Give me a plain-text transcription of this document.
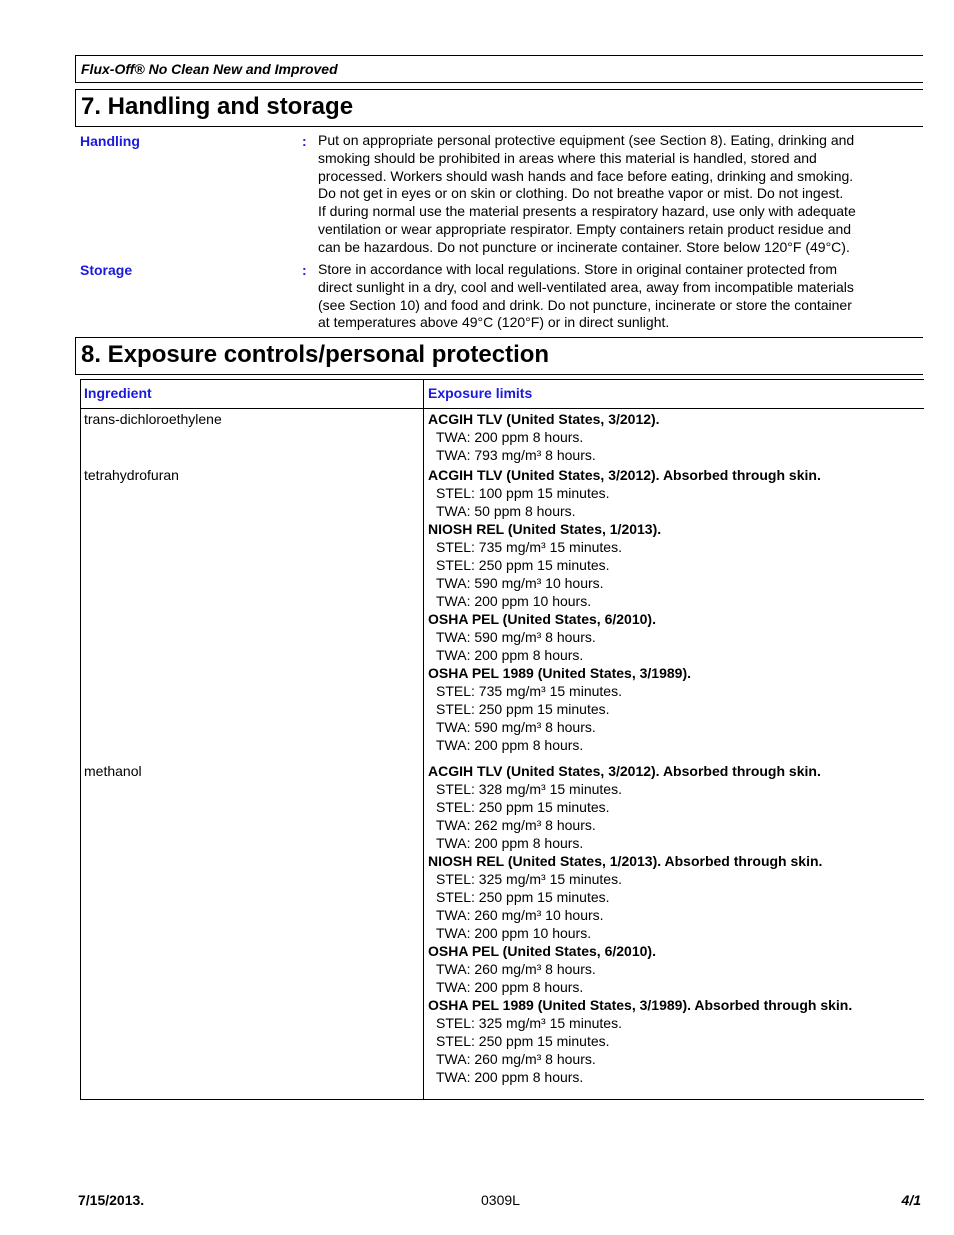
Flux-Off® No Clean New and Improved
7. Handling and storage
Handling	: Put on appropriate personal protective equipment (see Section 8). Eating, drinking and
smoking should be prohibited in areas where this material is handled, stored and
processed. Workers should wash hands and face before eating, drinking and smoking.
Do not get in eyes or on skin or clothing. Do not breathe vapor or mist. Do not ingest.
If during normal use the material presents a respiratory hazard, use only with adequate
ventilation or wear appropriate respirator. Empty containers retain product residue and
can be hazardous. Do not puncture or incinerate container. Store below 120°F (49°C).
Storage	: Store in accordance with local regulations. Store in original container protected from
direct sunlight in a dry, cool and well-ventilated area, away from incompatible materials
(see Section 10) and food and drink. Do not puncture, incinerate or store the container
at temperatures above 49°C (120°F) or in direct sunlight.
8. Exposure controls/personal protection
Ingredient	Exposure limits
trans-dichloroethylene	ACGIH TLV (United States, 3/2012).
TWA: 200 ppm 8 hours.
TWA: 793 mg/m³ 8 hours.
tetrahydrofuran	ACGIH TLV (United States, 3/2012). Absorbed through skin.
STEL: 100 ppm 15 minutes.
TWA: 50 ppm 8 hours.
NIOSH REL (United States, 1/2013).
STEL: 735 mg/m³ 15 minutes.
STEL: 250 ppm 15 minutes.
TWA: 590 mg/m³ 10 hours.
TWA: 200 ppm 10 hours.
OSHA PEL (United States, 6/2010).
TWA: 590 mg/m³ 8 hours.
TWA: 200 ppm 8 hours.
OSHA PEL 1989 (United States, 3/1989).
STEL: 735 mg/m³ 15 minutes.
STEL: 250 ppm 15 minutes.
TWA: 590 mg/m³ 8 hours.
TWA: 200 ppm 8 hours.
methanol	ACGIH TLV (United States, 3/2012). Absorbed through skin.
STEL: 328 mg/m³ 15 minutes.
STEL: 250 ppm 15 minutes.
TWA: 262 mg/m³ 8 hours.
TWA: 200 ppm 8 hours.
NIOSH REL (United States, 1/2013). Absorbed through skin.
STEL: 325 mg/m³ 15 minutes.
STEL: 250 ppm 15 minutes.
TWA: 260 mg/m³ 10 hours.
TWA: 200 ppm 10 hours.
OSHA PEL (United States, 6/2010).
TWA: 260 mg/m³ 8 hours.
TWA: 200 ppm 8 hours.
OSHA PEL 1989 (United States, 3/1989). Absorbed through skin.
STEL: 325 mg/m³ 15 minutes.
STEL: 250 ppm 15 minutes.
TWA: 260 mg/m³ 8 hours.
TWA: 200 ppm 8 hours.
7/15/2013.	0309L	4/1
